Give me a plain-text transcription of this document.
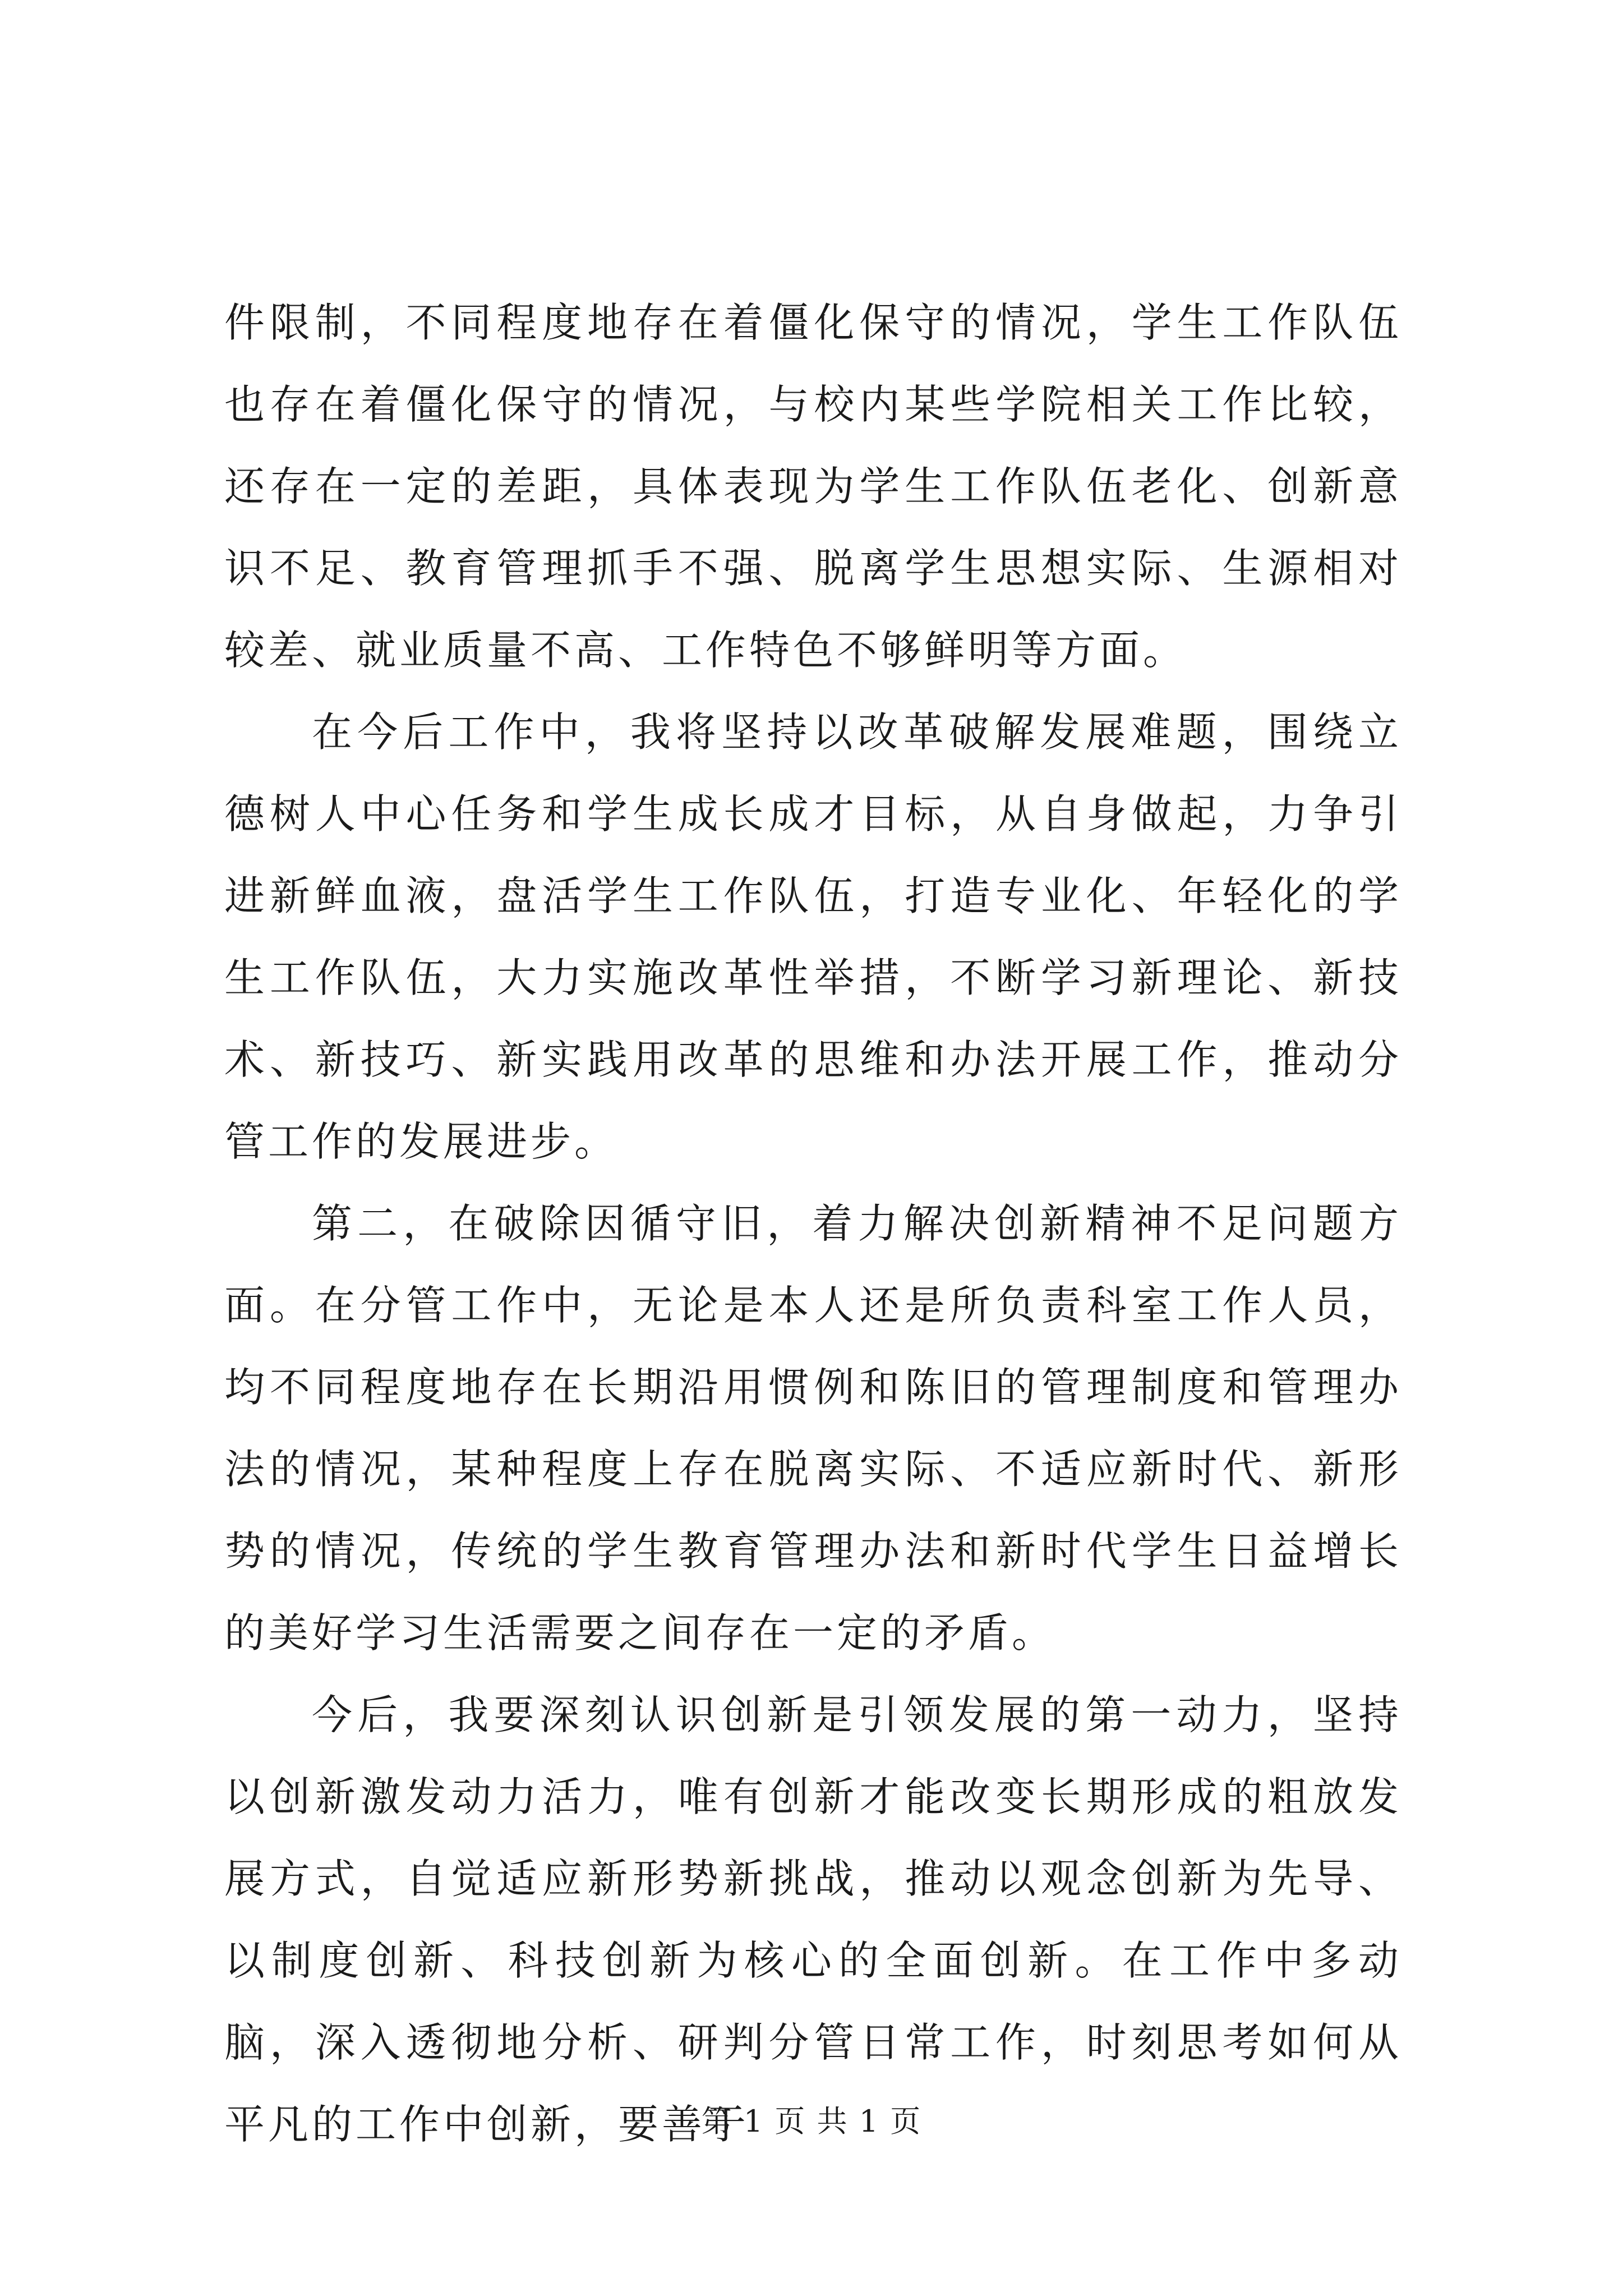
件限制，不同程度地存在着僵化保守的情况，学生工作队伍也存在着僵化保守的情况，与校内某些学院相关工作比较，还存在一定的差距，具体表现为学生工作队伍老化、创新意识不足、教育管理抓手不强、脱离学生思想实际、生源相对较差、就业质量不高、工作特色不够鲜明等方面。

在今后工作中，我将坚持以改革破解发展难题，围绕立德树人中心任务和学生成长成才目标，从自身做起，力争引进新鲜血液，盘活学生工作队伍，打造专业化、年轻化的学生工作队伍，大力实施改革性举措，不断学习新理论、新技术、新技巧、新实践用改革的思维和办法开展工作，推动分管工作的发展进步。

第二，在破除因循守旧，着力解决创新精神不足问题方面。在分管工作中，无论是本人还是所负责科室工作人员，均不同程度地存在长期沿用惯例和陈旧的管理制度和管理办法的情况，某种程度上存在脱离实际、不适应新时代、新形势的情况，传统的学生教育管理办法和新时代学生日益增长的美好学习生活需要之间存在一定的矛盾。

今后，我要深刻认识创新是引领发展的第一动力，坚持以创新激发动力活力，唯有创新才能改变长期形成的粗放发展方式，自觉适应新形势新挑战，推动以观念创新为先导、以制度创新、科技创新为核心的全面创新。在工作中多动脑，深入透彻地分析、研判分管日常工作，时刻思考如何从平凡的工作中创新，要善于

第 1 页 共 1 页
